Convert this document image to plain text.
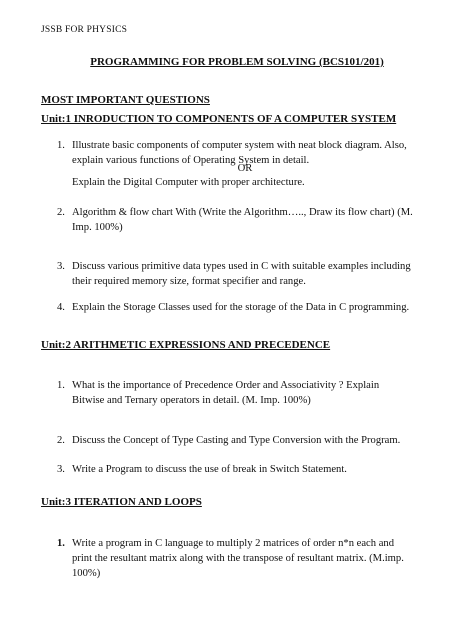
JSSB FOR PHYSICS
PROGRAMMING FOR PROBLEM SOLVING (BCS101/201)
MOST IMPORTANT QUESTIONS
Unit:1 INRODUCTION TO COMPONENTS OF A COMPUTER SYSTEM
1. Illustrate basic components of computer system with neat block diagram. Also,
explain various functions of Operating System in detail.
OR
Explain the Digital Computer with proper architecture.
2. Algorithm & flow chart With (Write the Algorithm….., Draw its flow chart) (M.
Imp. 100%)
3. Discuss various primitive data types used in C with suitable examples including
their required memory size, format specifier and range.
4. Explain the Storage Classes used for the storage of the Data in C programming.
Unit:2 ARITHMETIC EXPRESSIONS AND PRECEDENCE
1. What is the importance of Precedence Order and Associativity ? Explain
Bitwise and Ternary operators in detail. (M. Imp. 100%)
2. Discuss the Concept of Type Casting and Type Conversion with the Program.
3. Write a Program to discuss the use of break in Switch Statement.
Unit:3 ITERATION AND LOOPS
1. Write a program in C language to multiply 2 matrices of order n*n each and
print the resultant matrix along with the transpose of resultant matrix. (M.imp.
100%)
